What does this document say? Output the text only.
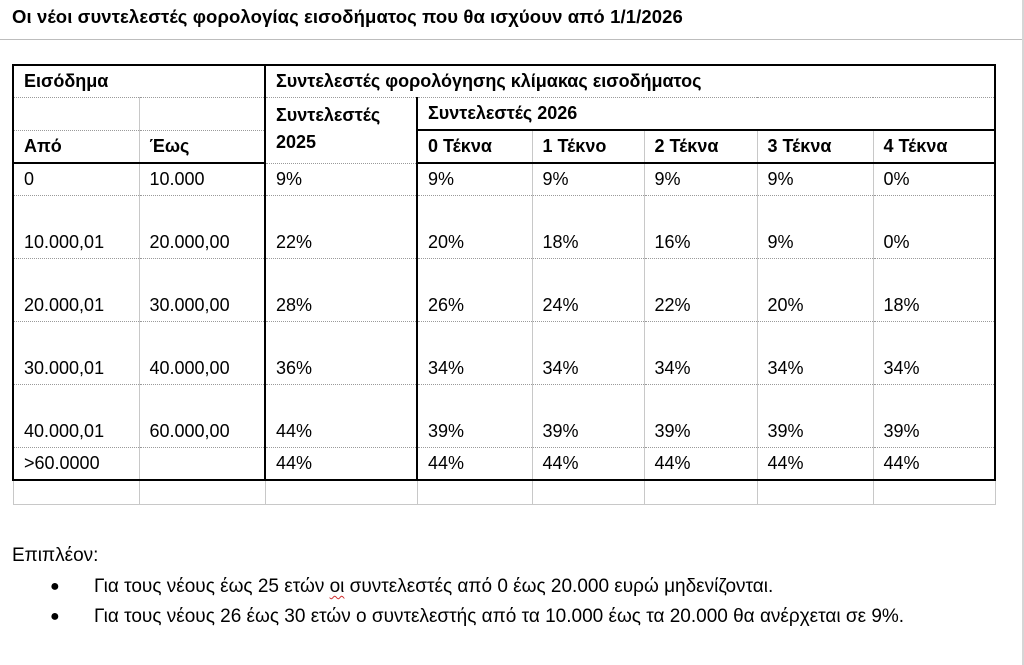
Οι νέοι συντελεστές φορολογίας εισοδήματος που θα ισχύουν από 1/1/2026
Εισόδημα		Συντελεστές φορολόγησης κλίμακας εισοδήματος					
		Συντελεστές 2025	Συντελεστές 2026				
Από	Έως		0 Τέκνα	1 Τέκνο	2 Τέκνα	3 Τέκνα	4 Τέκνα
0	10.000	9%	9%	9%	9%	9%	0%
10.000,01	20.000,00	22%	20%	18%	16%	9%	0%
20.000,01	30.000,00	28%	26%	24%	22%	20%	18%
30.000,01	40.000,00	36%	34%	34%	34%	34%	34%
40.000,01	60.000,00	44%	39%	39%	39%	39%	39%
>60.0000		44%	44%	44%	44%	44%	44%

Επιπλέον:
● Για τους νέους έως 25 ετών οι συντελεστές από 0 έως 20.000 ευρώ μηδενίζονται.
● Για τους νέους 26 έως 30 ετών ο συντελεστής από τα 10.000 έως τα 20.000 θα ανέρχεται σε 9%.
